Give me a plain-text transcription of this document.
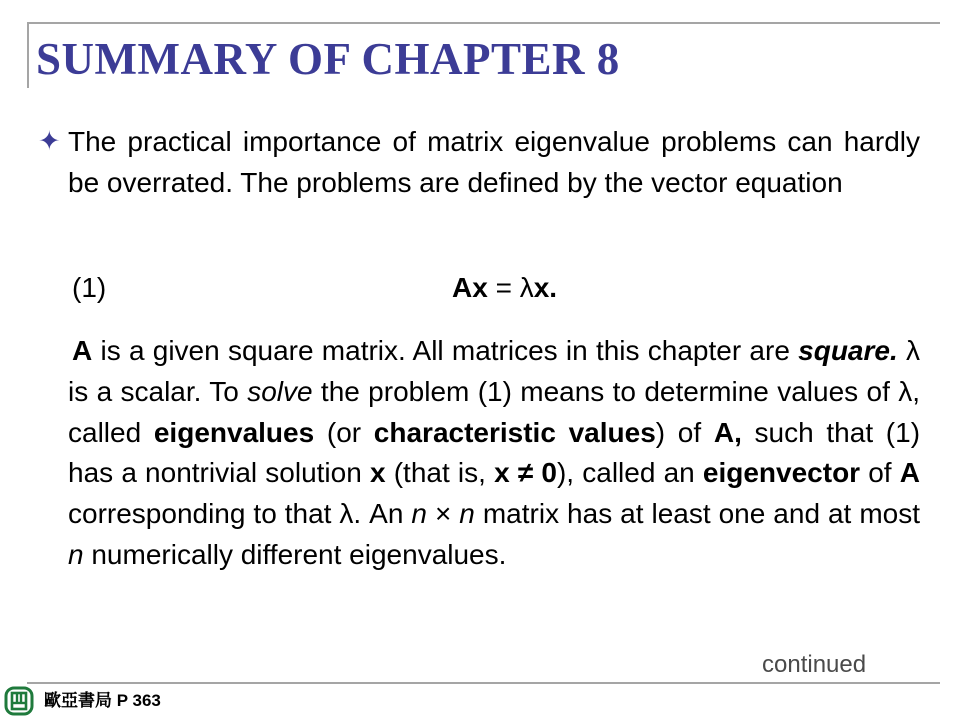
SUMMARY OF CHAPTER 8
✦ The practical importance of matrix eigenvalue problems can hardly be overrated. The problems are defined by the vector equation
(1)	Ax = λx.
A is a given square matrix. All matrices in this chapter are square. λ is a scalar. To solve the problem (1) means to determine values of λ, called eigenvalues (or characteristic values) of A, such that (1) has a nontrivial solution x (that is, x ≠ 0), called an eigenvector of A corresponding to that λ. An n × n matrix has at least one and at most n numerically different eigenvalues.
continued
歐亞書局 P 363
